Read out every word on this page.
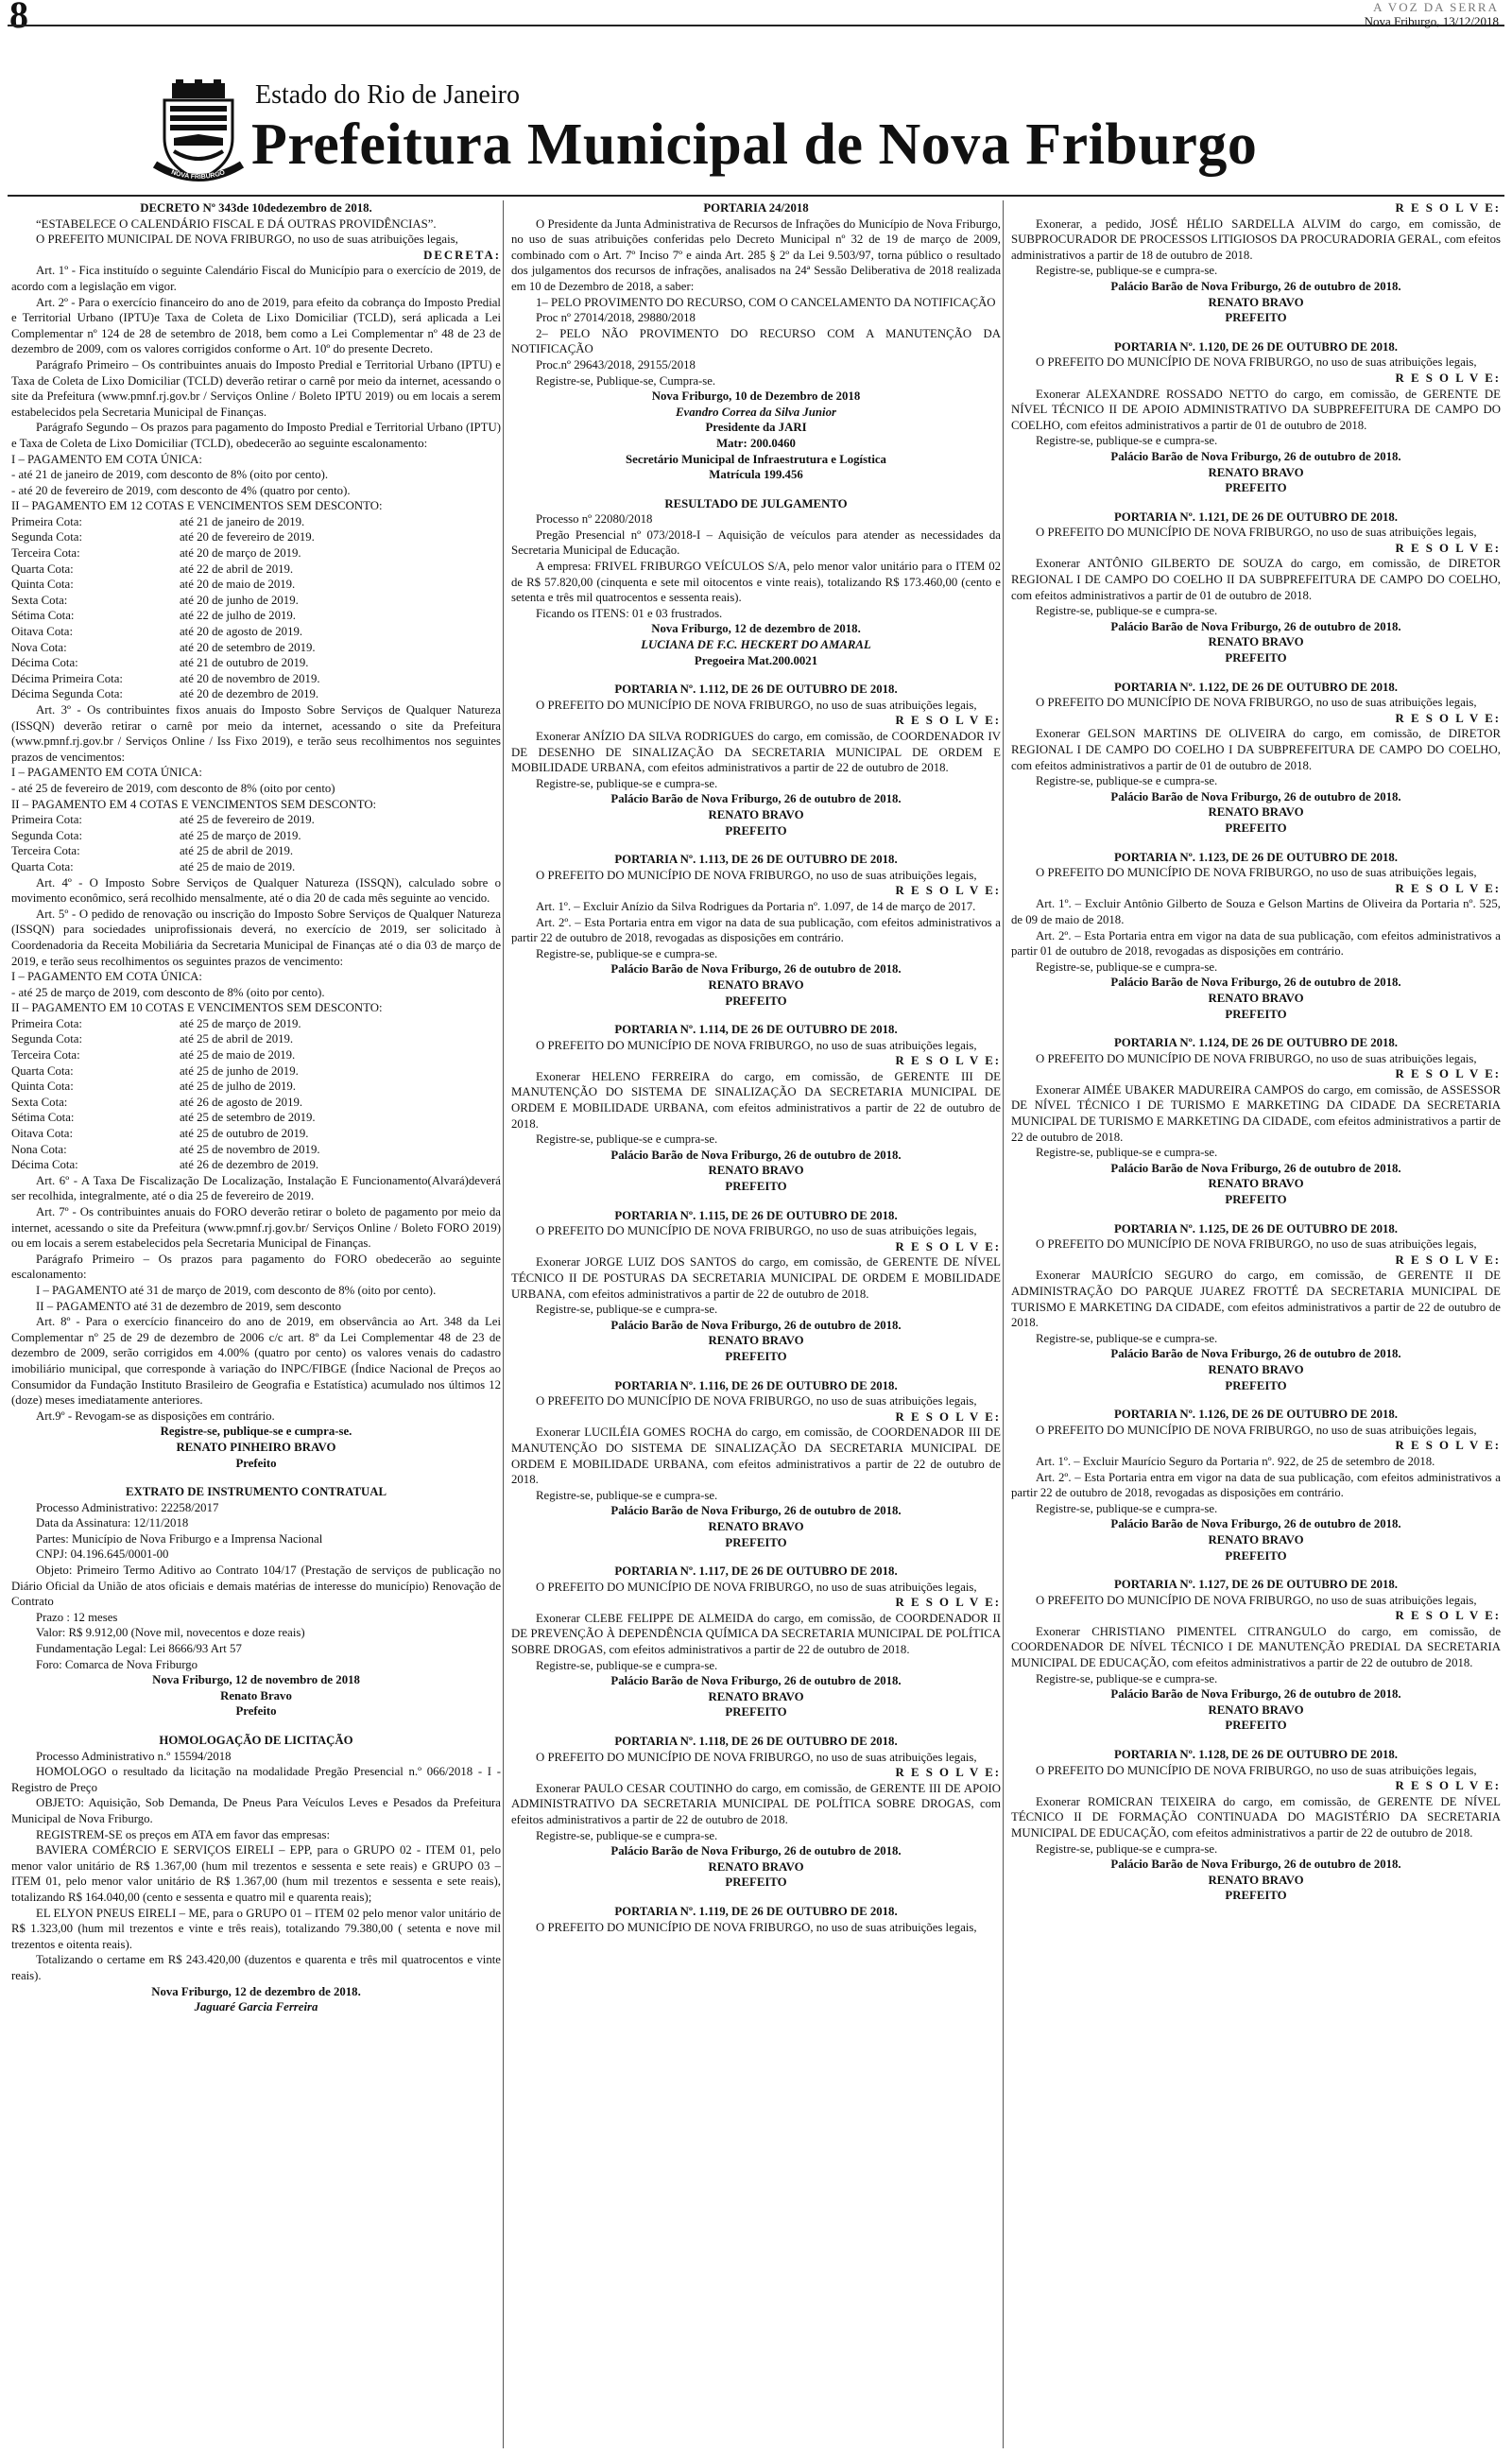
8	A VOZ DA SERRA
Nova Friburgo, 13/12/2018
NOVA FRIBURGO
Estado do Rio de Janeiro
Prefeitura Municipal de Nova Friburgo

DECRETO Nº 343de 10dedezembro de 2018.

“ESTABELECE O CALENDÁRIO FISCAL E DÁ OUTRAS PROVIDÊNCIAS”.

O PREFEITO MUNICIPAL DE NOVA FRIBURGO, no uso de suas atribuições legais,

DECRETA:

Art. 1º - Fica instituído o seguinte Calendário Fiscal do Município para o exercício de 2019, de acordo com a legislação em vigor.

Art. 2º - Para o exercício financeiro do ano de 2019, para efeito da cobrança do Imposto Predial e Territorial Urbano (IPTU)e Taxa de Coleta de Lixo Domiciliar (TCLD), será aplicada a Lei Complementar nº 124 de 28 de setembro de 2018, bem como a Lei Complementar nº 48 de 23 de dezembro de 2009, com os valores corrigidos conforme o Art. 10º do presente Decreto.

Parágrafo Primeiro – Os contribuintes anuais do Imposto Predial e Territorial Urbano (IPTU) e Taxa de Coleta de Lixo Domiciliar (TCLD) deverão retirar o carnê por meio da internet, acessando o site da Prefeitura (www.pmnf.rj.gov.br / Serviços Online / Boleto IPTU 2019) ou em locais a serem estabelecidos pela Secretaria Municipal de Finanças.

Parágrafo Segundo – Os prazos para pagamento do Imposto Predial e Territorial Urbano (IPTU) e Taxa de Coleta de Lixo Domiciliar (TCLD), obedecerão ao seguinte escalonamento:

I – PAGAMENTO EM COTA ÚNICA:

- até 21 de janeiro de 2019, com desconto de 8% (oito por cento).

- até 20 de fevereiro de 2019, com desconto de 4% (quatro por cento).

II – PAGAMENTO EM 12 COTAS E VENCIMENTOS SEM DESCONTO:

Primeira Cota:	até 21 de janeiro de 2019.
Segunda Cota:	até 20 de fevereiro de 2019.
Terceira Cota:	até 20 de março de 2019.
Quarta Cota:	até 22 de abril de 2019.
Quinta Cota:	até 20 de maio de 2019.
Sexta Cota:	até 20 de junho de 2019.
Sétima Cota:	até 22 de julho de 2019.
Oitava Cota:	até 20 de agosto de 2019.
Nova Cota:	até 20 de setembro de 2019.
Décima Cota:	até 21 de outubro de 2019.
Décima Primeira Cota:	até 20 de novembro de 2019.
Décima Segunda Cota:	até 20 de dezembro de 2019.

Art. 3º - Os contribuintes fixos anuais do Imposto Sobre Serviços de Qualquer Natureza (ISSQN) deverão retirar o carnê por meio da internet, acessando o site da Prefeitura (www.pmnf.rj.gov.br / Serviços Online / Iss Fixo 2019), e terão seus recolhimentos nos seguintes prazos de vencimentos:

I – PAGAMENTO EM COTA ÚNICA:

- até 25 de fevereiro de 2019, com desconto de 8% (oito por cento)

II – PAGAMENTO EM 4 COTAS E VENCIMENTOS SEM DESCONTO:

Primeira Cota:	até 25 de fevereiro de 2019.
Segunda Cota:	até 25 de março de 2019.
Terceira Cota:	até 25 de abril de 2019.
Quarta Cota:	até 25 de maio de 2019.

Art. 4º - O Imposto Sobre Serviços de Qualquer Natureza (ISSQN), calculado sobre o movimento econômico, será recolhido mensalmente, até o dia 20 de cada mês seguinte ao vencido.

Art. 5º - O pedido de renovação ou inscrição do Imposto Sobre Serviços de Qualquer Natureza (ISSQN) para sociedades uniprofissionais deverá, no exercício de 2019, ser solicitado à Coordenadoria da Receita Mobiliária da Secretaria Municipal de Finanças até o dia 03 de março de 2019, e terão seus recolhimentos os seguintes prazos de vencimento:

I – PAGAMENTO EM COTA ÚNICA:

- até 25 de março de 2019, com desconto de 8% (oito por cento).

II – PAGAMENTO EM 10 COTAS E VENCIMENTOS SEM DESCONTO:

Primeira Cota:	até 25 de março de 2019.
Segunda Cota:	até 25 de abril de 2019.
Terceira Cota:	até 25 de maio de 2019.
Quarta Cota:	até 25 de junho de 2019.
Quinta Cota:	até 25 de julho de 2019.
Sexta Cota:	até 26 de agosto de 2019.
Sétima Cota:	até 25 de setembro de 2019.
Oitava Cota:	até 25 de outubro de 2019.
Nona Cota:	até 25 de novembro de 2019.
Décima Cota:	até 26 de dezembro de 2019.

Art. 6º - A Taxa De Fiscalização De Localização, Instalação E Funcionamento(Alvará)deverá ser recolhida, integralmente, até o dia 25 de fevereiro de 2019.

Art. 7º - Os contribuintes anuais do FORO deverão retirar o boleto de pagamento por meio da internet, acessando o site da Prefeitura (www.pmnf.rj.gov.br/ Serviços Online / Boleto FORO 2019) ou em locais a serem estabelecidos pela Secretaria Municipal de Finanças.

Parágrafo Primeiro – Os prazos para pagamento do FORO obedecerão ao seguinte escalonamento:

I – PAGAMENTO até 31 de março de 2019, com desconto de 8% (oito por cento).

II – PAGAMENTO até 31 de dezembro de 2019, sem desconto

Art. 8º - Para o exercício financeiro do ano de 2019, em observância ao Art. 348 da Lei Complementar nº 25 de 29 de dezembro de 2006 c/c art. 8º da Lei Complementar 48 de 23 de dezembro de 2009, serão corrigidos em 4.00% (quatro por cento) os valores venais do cadastro imobiliário municipal, que corresponde à variação do INPC/FIBGE (Índice Nacional de Preços ao Consumidor da Fundação Instituto Brasileiro de Geografia e Estatística) acumulado nos últimos 12 (doze) meses imediatamente anteriores.

Art.9º - Revogam-se as disposições em contrário.

Registre-se, publique-se e cumpra-se.

RENATO PINHEIRO BRAVO

Prefeito

EXTRATO DE INSTRUMENTO CONTRATUAL

Processo Administrativo: 22258/2017

Data da Assinatura: 12/11/2018

Partes: Município de Nova Friburgo e a Imprensa Nacional

CNPJ: 04.196.645/0001-00

Objeto: Primeiro Termo Aditivo ao Contrato 104/17 (Prestação de serviços de publicação no Diário Oficial da União de atos oficiais e demais matérias de interesse do município) Renovação de Contrato

Prazo : 12 meses

Valor: R$ 9.912,00 (Nove mil, novecentos e doze reais)

Fundamentação Legal: Lei 8666/93 Art 57

Foro: Comarca de Nova Friburgo

Nova Friburgo, 12 de novembro de 2018

Renato Bravo

Prefeito

HOMOLOGAÇÃO DE LICITAÇÃO

Processo Administrativo n.º 15594/2018

HOMOLOGO o resultado da licitação na modalidade Pregão Presencial n.º 066/2018 - I - Registro de Preço

OBJETO: Aquisição, Sob Demanda, De Pneus Para Veículos Leves e Pesados da Prefeitura Municipal de Nova Friburgo.

REGISTREM-SE os preços em ATA em favor das empresas:

BAVIERA COMÉRCIO E SERVIÇOS EIRELI – EPP, para o GRUPO 02 - ITEM 01, pelo menor valor unitário de R$ 1.367,00 (hum mil trezentos e sessenta e sete reais) e GRUPO 03 – ITEM 01, pelo menor valor unitário de R$ 1.367,00 (hum mil trezentos e sessenta e sete reais), totalizando R$ 164.040,00 (cento e sessenta e quatro mil e quarenta reais);

EL ELYON PNEUS EIRELI – ME, para o GRUPO 01 – ITEM 02 pelo menor valor unitário de R$ 1.323,00 (hum mil trezentos e vinte e três reais), totalizando 79.380,00 ( setenta e nove mil trezentos e oitenta reais).

Totalizando o certame em R$ 243.420,00 (duzentos e quarenta e três mil quatrocentos e vinte reais).

Nova Friburgo, 12 de dezembro de 2018.

Jaguaré Garcia Ferreira

PORTARIA 24/2018

O Presidente da Junta Administrativa de Recursos de Infrações do Município de Nova Friburgo, no uso de suas atribuições conferidas pelo Decreto Municipal nº 32 de 19 de março de 2009, combinado com o Art. 7º Inciso 7º e ainda Art. 285 § 2º da Lei 9.503/97, torna público o resultado dos julgamentos dos recursos de infrações, analisados na 24ª Sessão Deliberativa de 2018 realizada em 10 de Dezembro de 2018, a saber:

1– PELO PROVIMENTO DO RECURSO, COM O CANCELAMENTO DA NOTIFICAÇÃO

Proc nº 27014/2018, 29880/2018

2– PELO NÃO PROVIMENTO DO RECURSO COM A MANUTENÇÃO DA NOTIFICAÇÃO

Proc.nº 29643/2018, 29155/2018

Registre-se, Publique-se, Cumpra-se.

Nova Friburgo, 10 de Dezembro de 2018

Evandro Correa da Silva Junior

Presidente da JARI

Matr: 200.0460

Secretário Municipal de Infraestrutura e Logística

Matrícula 199.456

RESULTADO DE JULGAMENTO

Processo nº 22080/2018

Pregão Presencial nº 073/2018-I – Aquisição de veículos para atender as necessidades da Secretaria Municipal de Educação.

A empresa: FRIVEL FRIBURGO VEÍCULOS S/A, pelo menor valor unitário para o ITEM 02 de R$ 57.820,00 (cinquenta e sete mil oitocentos e vinte reais), totalizando R$ 173.460,00 (cento e setenta e três mil quatrocentos e sessenta reais).

Ficando os ITENS: 01 e 03 frustrados.

Nova Friburgo, 12 de dezembro de 2018.

LUCIANA DE F.C. HECKERT DO AMARAL

Pregoeira Mat.200.0021

PORTARIA Nº. 1.112, DE 26 DE OUTUBRO DE 2018.

O PREFEITO DO MUNICÍPIO DE NOVA FRIBURGO, no uso de suas atribuições legais,

R E S O L V E:

Exonerar ANÍZIO DA SILVA RODRIGUES do cargo, em comissão, de COORDENADOR IV DE DESENHO DE SINALIZAÇÃO DA SECRETARIA MUNICIPAL DE ORDEM E MOBILIDADE URBANA, com efeitos administrativos a partir de 22 de outubro de 2018.

Registre-se, publique-se e cumpra-se.

Palácio Barão de Nova Friburgo, 26 de outubro de 2018.

RENATO BRAVO

PREFEITO

PORTARIA Nº. 1.113, DE 26 DE OUTUBRO DE 2018.

O PREFEITO DO MUNICÍPIO DE NOVA FRIBURGO, no uso de suas atribuições legais,

R E S O L V E:

Art. 1º. – Excluir Anízio da Silva Rodrigues da Portaria nº. 1.097, de 14 de março de 2017.

Art. 2º. – Esta Portaria entra em vigor na data de sua publicação, com efeitos administrativos a partir 22 de outubro de 2018, revogadas as disposições em contrário.

Registre-se, publique-se e cumpra-se.

Palácio Barão de Nova Friburgo, 26 de outubro de 2018.

RENATO BRAVO

PREFEITO

PORTARIA Nº. 1.114, DE 26 DE OUTUBRO DE 2018.

O PREFEITO DO MUNICÍPIO DE NOVA FRIBURGO, no uso de suas atribuições legais,

R E S O L V E:

Exonerar HELENO FERREIRA do cargo, em comissão, de GERENTE III DE MANUTENÇÃO DO SISTEMA DE SINALIZAÇÃO DA SECRETARIA MUNICIPAL DE ORDEM E MOBILIDADE URBANA, com efeitos administrativos a partir de 22 de outubro de 2018.

Registre-se, publique-se e cumpra-se.

Palácio Barão de Nova Friburgo, 26 de outubro de 2018.

RENATO BRAVO

PREFEITO

PORTARIA Nº. 1.115, DE 26 DE OUTUBRO DE 2018.

O PREFEITO DO MUNICÍPIO DE NOVA FRIBURGO, no uso de suas atribuições legais,

R E S O L V E:

Exonerar JORGE LUIZ DOS SANTOS do cargo, em comissão, de GERENTE DE NÍVEL TÉCNICO II DE POSTURAS DA SECRETARIA MUNICIPAL DE ORDEM E MOBILIDADE URBANA, com efeitos administrativos a partir de 22 de outubro de 2018.

Registre-se, publique-se e cumpra-se.

Palácio Barão de Nova Friburgo, 26 de outubro de 2018.

RENATO BRAVO

PREFEITO

PORTARIA Nº. 1.116, DE 26 DE OUTUBRO DE 2018.

O PREFEITO DO MUNICÍPIO DE NOVA FRIBURGO, no uso de suas atribuições legais,

R E S O L V E:

Exonerar LUCILÉIA GOMES ROCHA do cargo, em comissão, de COORDENADOR III DE MANUTENÇÃO DO SISTEMA DE SINALIZAÇÃO DA SECRETARIA MUNICIPAL DE ORDEM E MOBILIDADE URBANA, com efeitos administrativos a partir de 22 de outubro de 2018.

Registre-se, publique-se e cumpra-se.

Palácio Barão de Nova Friburgo, 26 de outubro de 2018.

RENATO BRAVO

PREFEITO

PORTARIA Nº. 1.117, DE 26 DE OUTUBRO DE 2018.

O PREFEITO DO MUNICÍPIO DE NOVA FRIBURGO, no uso de suas atribuições legais,

R E S O L V E:

Exonerar CLEBE FELIPPE DE ALMEIDA do cargo, em comissão, de COORDENADOR II DE PREVENÇÃO À DEPENDÊNCIA QUÍMICA DA SECRETARIA MUNICIPAL DE POLÍTICA SOBRE DROGAS, com efeitos administrativos a partir de 22 de outubro de 2018.

Registre-se, publique-se e cumpra-se.

Palácio Barão de Nova Friburgo, 26 de outubro de 2018.

RENATO BRAVO

PREFEITO

PORTARIA Nº. 1.118, DE 26 DE OUTUBRO DE 2018.

O PREFEITO DO MUNICÍPIO DE NOVA FRIBURGO, no uso de suas atribuições legais,

R E S O L V E:

Exonerar PAULO CESAR COUTINHO do cargo, em comissão, de GERENTE III DE APOIO ADMINISTRATIVO DA SECRETARIA MUNICIPAL DE POLÍTICA SOBRE DROGAS, com efeitos administrativos a partir de 22 de outubro de 2018.

Registre-se, publique-se e cumpra-se.

Palácio Barão de Nova Friburgo, 26 de outubro de 2018.

RENATO BRAVO

PREFEITO

PORTARIA Nº. 1.119, DE 26 DE OUTUBRO DE 2018.

O PREFEITO DO MUNICÍPIO DE NOVA FRIBURGO, no uso de suas atribuições legais,

R E S O L V E:

Exonerar, a pedido, JOSÉ HÉLIO SARDELLA ALVIM do cargo, em comissão, de SUBPROCURADOR DE PROCESSOS LITIGIOSOS DA PROCURADORIA GERAL, com efeitos administrativos a partir de 18 de outubro de 2018.

Registre-se, publique-se e cumpra-se.

Palácio Barão de Nova Friburgo, 26 de outubro de 2018.

RENATO BRAVO

PREFEITO

PORTARIA Nº. 1.120, DE 26 DE OUTUBRO DE 2018.

O PREFEITO DO MUNICÍPIO DE NOVA FRIBURGO, no uso de suas atribuições legais,

R E S O L V E:

Exonerar ALEXANDRE ROSSADO NETTO do cargo, em comissão, de GERENTE DE NÍVEL TÉCNICO II DE APOIO ADMINISTRATIVO DA SUBPREFEITURA DE CAMPO DO COELHO, com efeitos administrativos a partir de 01 de outubro de 2018.

Registre-se, publique-se e cumpra-se.

Palácio Barão de Nova Friburgo, 26 de outubro de 2018.

RENATO BRAVO

PREFEITO

PORTARIA Nº. 1.121, DE 26 DE OUTUBRO DE 2018.

O PREFEITO DO MUNICÍPIO DE NOVA FRIBURGO, no uso de suas atribuições legais,

R E S O L V E:

Exonerar ANTÔNIO GILBERTO DE SOUZA do cargo, em comissão, de DIRETOR REGIONAL I DE CAMPO DO COELHO II DA SUBPREFEITURA DE CAMPO DO COELHO, com efeitos administrativos a partir de 01 de outubro de 2018.

Registre-se, publique-se e cumpra-se.

Palácio Barão de Nova Friburgo, 26 de outubro de 2018.

RENATO BRAVO

PREFEITO

PORTARIA Nº. 1.122, DE 26 DE OUTUBRO DE 2018.

O PREFEITO DO MUNICÍPIO DE NOVA FRIBURGO, no uso de suas atribuições legais,

R E S O L V E:

Exonerar GELSON MARTINS DE OLIVEIRA do cargo, em comissão, de DIRETOR REGIONAL I DE CAMPO DO COELHO I DA SUBPREFEITURA DE CAMPO DO COELHO, com efeitos administrativos a partir de 01 de outubro de 2018.

Registre-se, publique-se e cumpra-se.

Palácio Barão de Nova Friburgo, 26 de outubro de 2018.

RENATO BRAVO

PREFEITO

PORTARIA Nº. 1.123, DE 26 DE OUTUBRO DE 2018.

O PREFEITO DO MUNICÍPIO DE NOVA FRIBURGO, no uso de suas atribuições legais,

R E S O L V E:

Art. 1º. – Excluir Antônio Gilberto de Souza e Gelson Martins de Oliveira da Portaria nº. 525, de 09 de maio de 2018.

Art. 2º. – Esta Portaria entra em vigor na data de sua publicação, com efeitos administrativos a partir 01 de outubro de 2018, revogadas as disposições em contrário.

Registre-se, publique-se e cumpra-se.

Palácio Barão de Nova Friburgo, 26 de outubro de 2018.

RENATO BRAVO

PREFEITO

PORTARIA Nº. 1.124, DE 26 DE OUTUBRO DE 2018.

O PREFEITO DO MUNICÍPIO DE NOVA FRIBURGO, no uso de suas atribuições legais,

R E S O L V E:

Exonerar AIMÉE UBAKER MADUREIRA CAMPOS do cargo, em comissão, de ASSESSOR DE NÍVEL TÉCNICO I DE TURISMO E MARKETING DA CIDADE DA SECRETARIA MUNICIPAL DE TURISMO E MARKETING DA CIDADE, com efeitos administrativos a partir de 22 de outubro de 2018.

Registre-se, publique-se e cumpra-se.

Palácio Barão de Nova Friburgo, 26 de outubro de 2018.

RENATO BRAVO

PREFEITO

PORTARIA Nº. 1.125, DE 26 DE OUTUBRO DE 2018.

O PREFEITO DO MUNICÍPIO DE NOVA FRIBURGO, no uso de suas atribuições legais,

R E S O L V E:

Exonerar MAURÍCIO SEGURO do cargo, em comissão, de GERENTE II DE ADMINISTRAÇÃO DO PARQUE JUAREZ FROTTÉ DA SECRETARIA MUNICIPAL DE TURISMO E MARKETING DA CIDADE, com efeitos administrativos a partir de 22 de outubro de 2018.

Registre-se, publique-se e cumpra-se.

Palácio Barão de Nova Friburgo, 26 de outubro de 2018.

RENATO BRAVO

PREFEITO

PORTARIA Nº. 1.126, DE 26 DE OUTUBRO DE 2018.

O PREFEITO DO MUNICÍPIO DE NOVA FRIBURGO, no uso de suas atribuições legais,

R E S O L V E:

Art. 1º. – Excluir Maurício Seguro da Portaria nº. 922, de 25 de setembro de 2018.

Art. 2º. – Esta Portaria entra em vigor na data de sua publicação, com efeitos administrativos a partir 22 de outubro de 2018, revogadas as disposições em contrário.

Registre-se, publique-se e cumpra-se.

Palácio Barão de Nova Friburgo, 26 de outubro de 2018.

RENATO BRAVO

PREFEITO

PORTARIA Nº. 1.127, DE 26 DE OUTUBRO DE 2018.

O PREFEITO DO MUNICÍPIO DE NOVA FRIBURGO, no uso de suas atribuições legais,

R E S O L V E:

Exonerar CHRISTIANO PIMENTEL CITRANGULO do cargo, em comissão, de COORDENADOR DE NÍVEL TÉCNICO I DE MANUTENÇÃO PREDIAL DA SECRETARIA MUNICIPAL DE EDUCAÇÃO, com efeitos administrativos a partir de 22 de outubro de 2018.

Registre-se, publique-se e cumpra-se.

Palácio Barão de Nova Friburgo, 26 de outubro de 2018.

RENATO BRAVO

PREFEITO

PORTARIA Nº. 1.128, DE 26 DE OUTUBRO DE 2018.

O PREFEITO DO MUNICÍPIO DE NOVA FRIBURGO, no uso de suas atribuições legais,

R E S O L V E:

Exonerar ROMICRAN TEIXEIRA do cargo, em comissão, de GERENTE DE NÍVEL TÉCNICO II DE FORMAÇÃO CONTINUADA DO MAGISTÉRIO DA SECRETARIA MUNICIPAL DE EDUCAÇÃO, com efeitos administrativos a partir de 22 de outubro de 2018.

Registre-se, publique-se e cumpra-se.

Palácio Barão de Nova Friburgo, 26 de outubro de 2018.

RENATO BRAVO

PREFEITO
